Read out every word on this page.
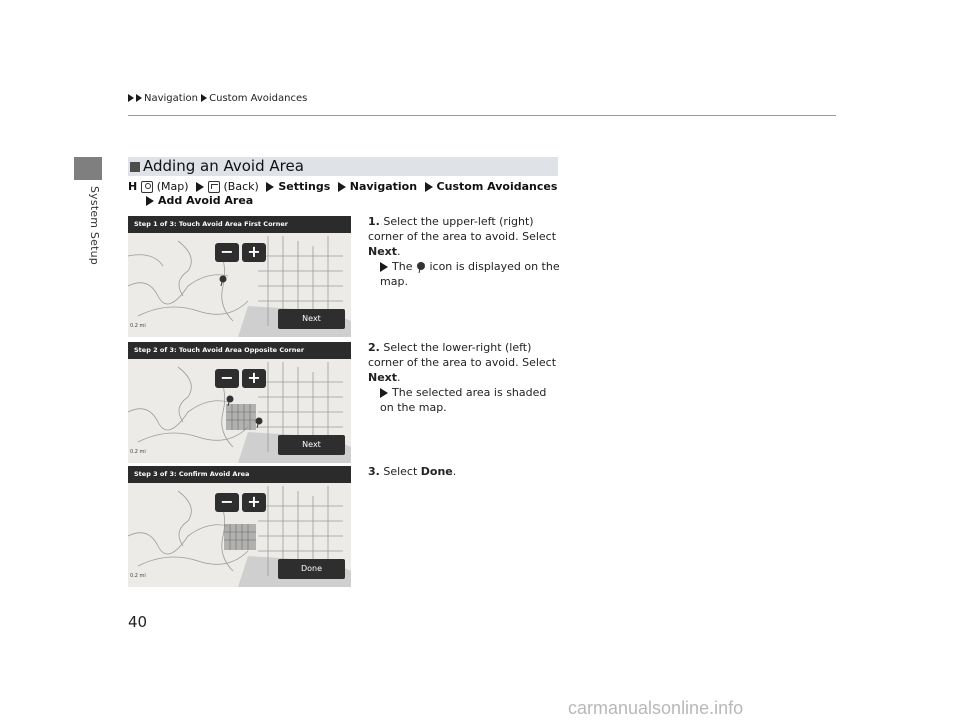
Navigation Custom Avoidances
System Setup
Adding an Avoid Area
H (Map)	(Back) Settings Navigation Custom Avoidances
Add Avoid Area
Step 1 of 3: Touch Avoid Area First Corner
− +
Next
0.2 mi
Step 2 of 3: Touch Avoid Area Opposite Corner
− +
Next
0.2 mi
Step 3 of 3: Confirm Avoid Area
− +
Done
0.2 mi
1. Select the upper-left (right) corner of the area to avoid. Select Next.
The  icon is displayed on the map.
2. Select the lower-right (left) corner of the area to avoid. Select Next.
The selected area is shaded on the map.
3. Select Done.
40
carmanualsonline.info
